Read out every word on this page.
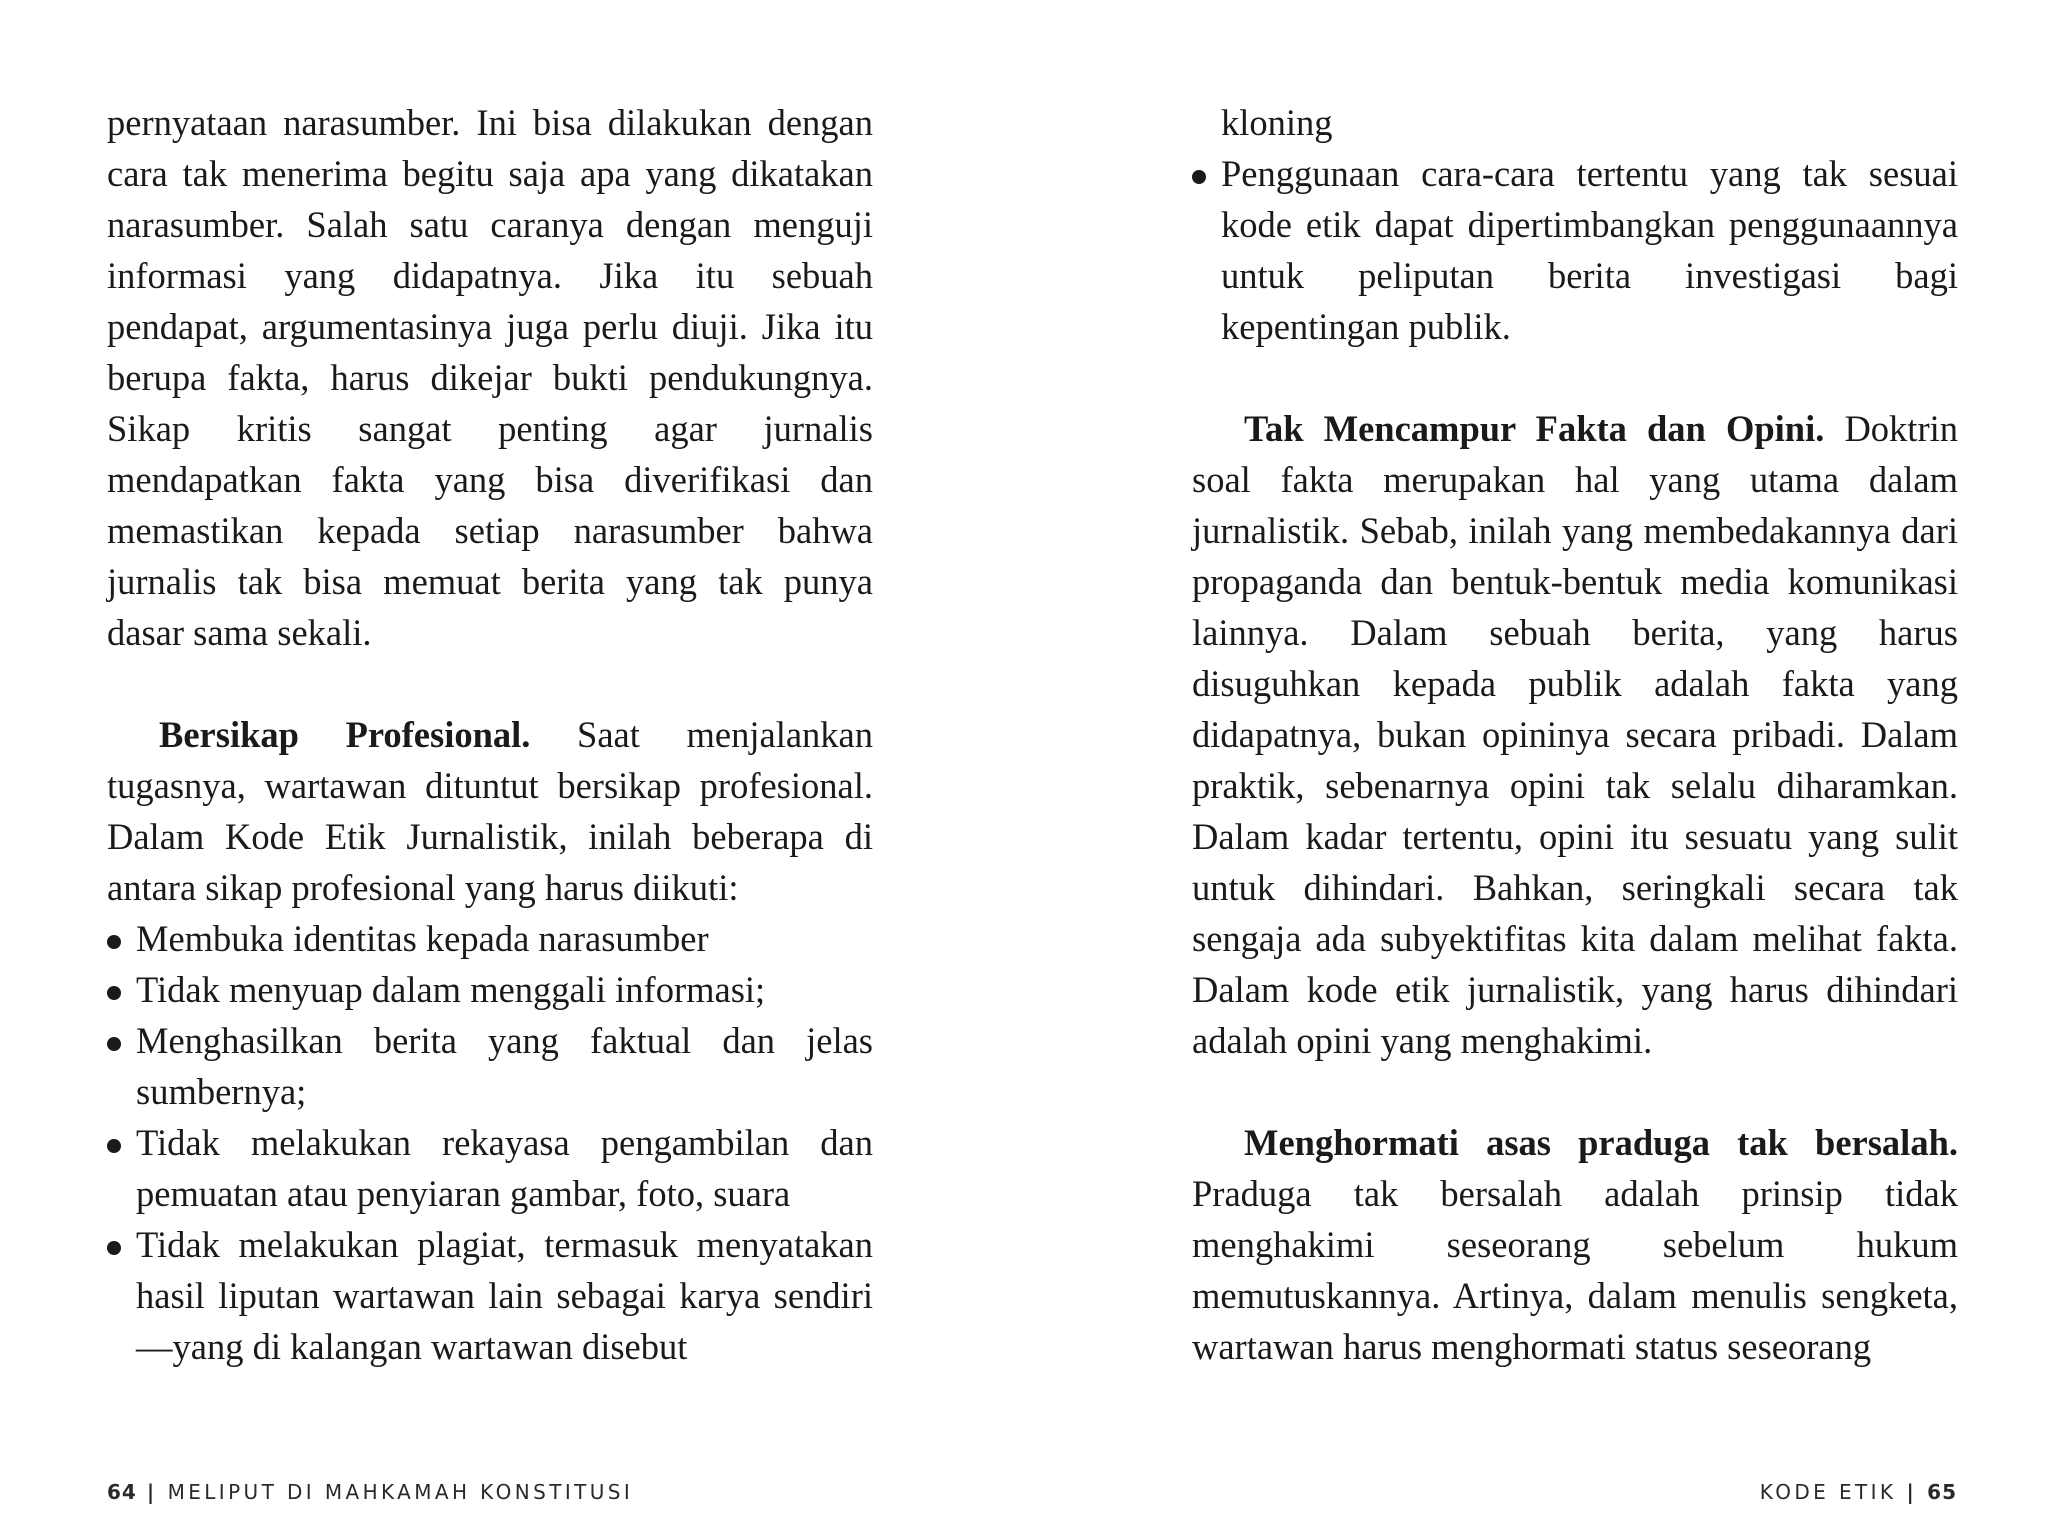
pernyataan narasumber. Ini bisa dilakukan dengan cara tak menerima begitu saja apa yang dikatakan narasumber. Salah satu caranya dengan menguji informasi yang didapatnya. Jika itu sebuah pendapat, argumentasinya juga perlu diuji. Jika itu berupa fakta, harus dikejar bukti pendukungnya. Sikap kritis sangat penting agar jurnalis mendapatkan fakta yang bisa diverifikasi dan memastikan kepada setiap narasumber bahwa jurnalis tak bisa memuat berita yang tak punya dasar sama sekali.

Bersikap Profesional. Saat menjalankan tugasnya, wartawan dituntut bersikap profesional. Dalam Kode Etik Jurnalistik, inilah beberapa di antara sikap profesional yang harus diikuti:

Membuka identitas kepada narasumber
Tidak menyuap dalam menggali informasi;
Menghasilkan berita yang faktual dan jelas sumbernya;
Tidak melakukan rekayasa pengambilan dan pemuatan atau penyiaran gambar, foto, suara
Tidak melakukan plagiat, termasuk menyatakan hasil liputan wartawan lain sebagai karya sendiri—yang di kalangan wartawan disebut

kloning

Penggunaan cara-cara tertentu yang tak sesuai kode etik dapat dipertimbangkan penggunaannya untuk peliputan berita investigasi bagi kepentingan publik.

Tak Mencampur Fakta dan Opini. Doktrin soal fakta merupakan hal yang utama dalam jurnalistik. Sebab, inilah yang membedakannya dari propaganda dan bentuk-bentuk media komunikasi lainnya. Dalam sebuah berita, yang harus disuguhkan kepada publik adalah fakta yang didapatnya, bukan opininya secara pribadi. Dalam praktik, sebenarnya opini tak selalu diharamkan. Dalam kadar tertentu, opini itu sesuatu yang sulit untuk dihindari. Bahkan, seringkali secara tak sengaja ada subyektifitas kita dalam melihat fakta. Dalam kode etik jurnalistik, yang harus dihindari adalah opini yang menghakimi.

Menghormati asas praduga tak bersalah. Praduga tak bersalah adalah prinsip tidak menghakimi seseorang sebelum hukum memutuskannya. Artinya, dalam menulis sengketa, wartawan harus menghormati status seseorang

64 | MELIPUT DI MAHKAMAH KONSTITUSI	KODE ETIK | 65
